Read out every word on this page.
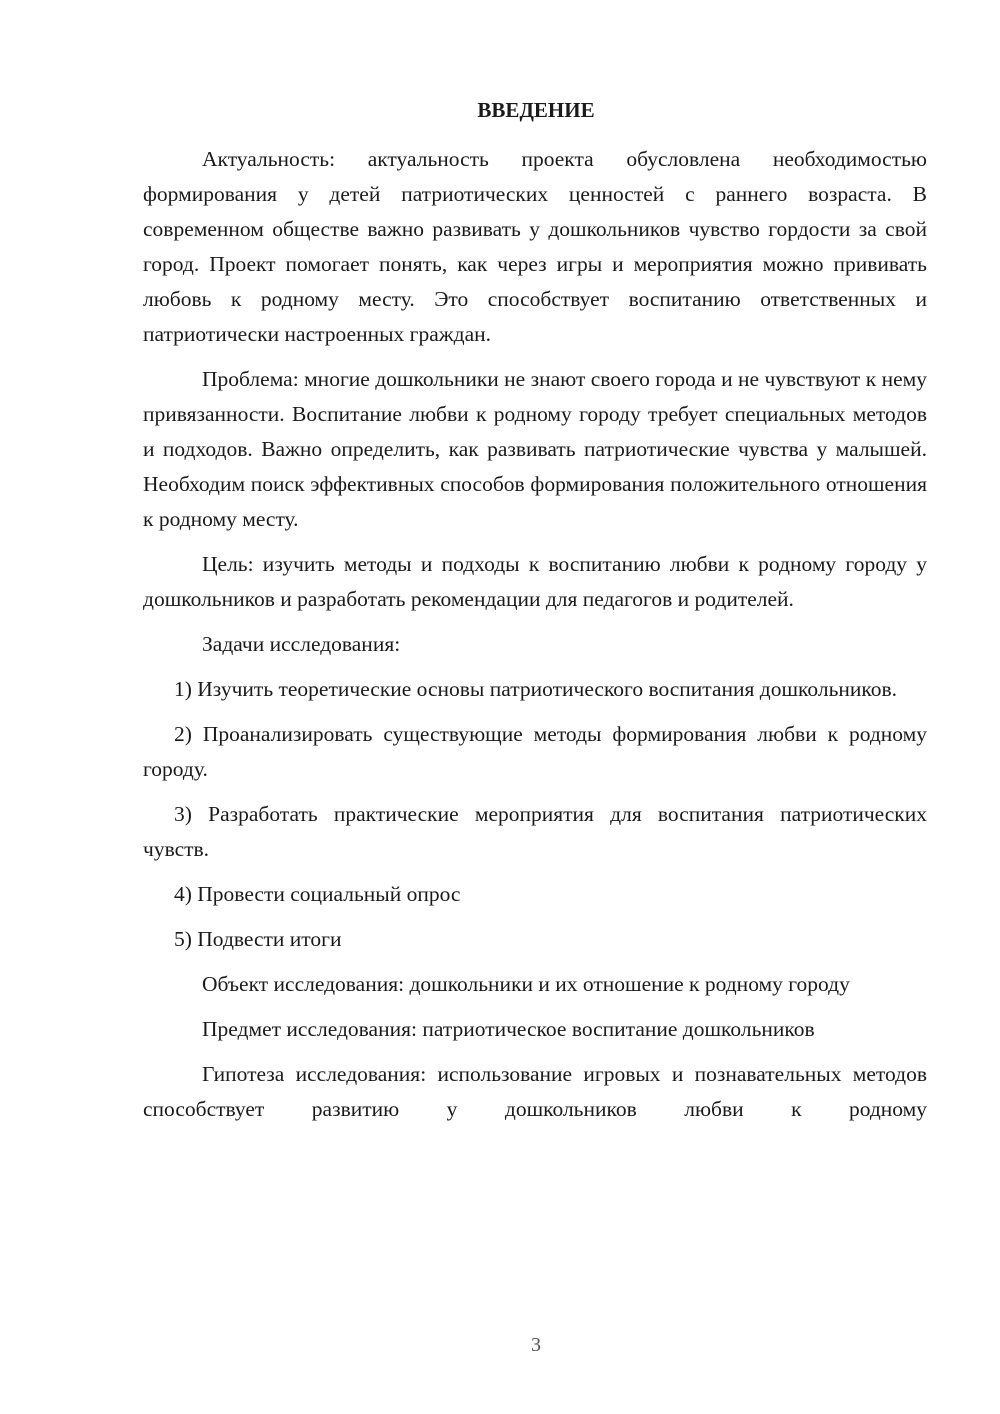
ВВЕДЕНИЕ

Актуальность: актуальность проекта обусловлена необходимостью формирования у детей патриотических ценностей с раннего возраста. В современном обществе важно развивать у дошкольников чувство гордости за свой город. Проект помогает понять, как через игры и мероприятия можно прививать любовь к родному месту. Это способствует воспитанию ответственных и патриотически настроенных граждан.

Проблема: многие дошкольники не знают своего города и не чувствуют к нему привязанности. Воспитание любви к родному городу требует специальных методов и подходов. Важно определить, как развивать патриотические чувства у малышей. Необходим поиск эффективных способов формирования положительного отношения к родному месту.

Цель: изучить методы и подходы к воспитанию любви к родному городу у дошкольников и разработать рекомендации для педагогов и родителей.

Задачи исследования:

1) Изучить теоретические основы патриотического воспитания дошкольников.

2) Проанализировать существующие методы формирования любви к родному городу.

3) Разработать практические мероприятия для воспитания патриотических чувств.

4) Провести социальный опрос

5) Подвести итоги

Объект исследования: дошкольники и их отношение к родному городу

Предмет исследования: патриотическое воспитание дошкольников

Гипотеза исследования: использование игровых и познавательных методов способствует развитию у дошкольников любви к родному

3
